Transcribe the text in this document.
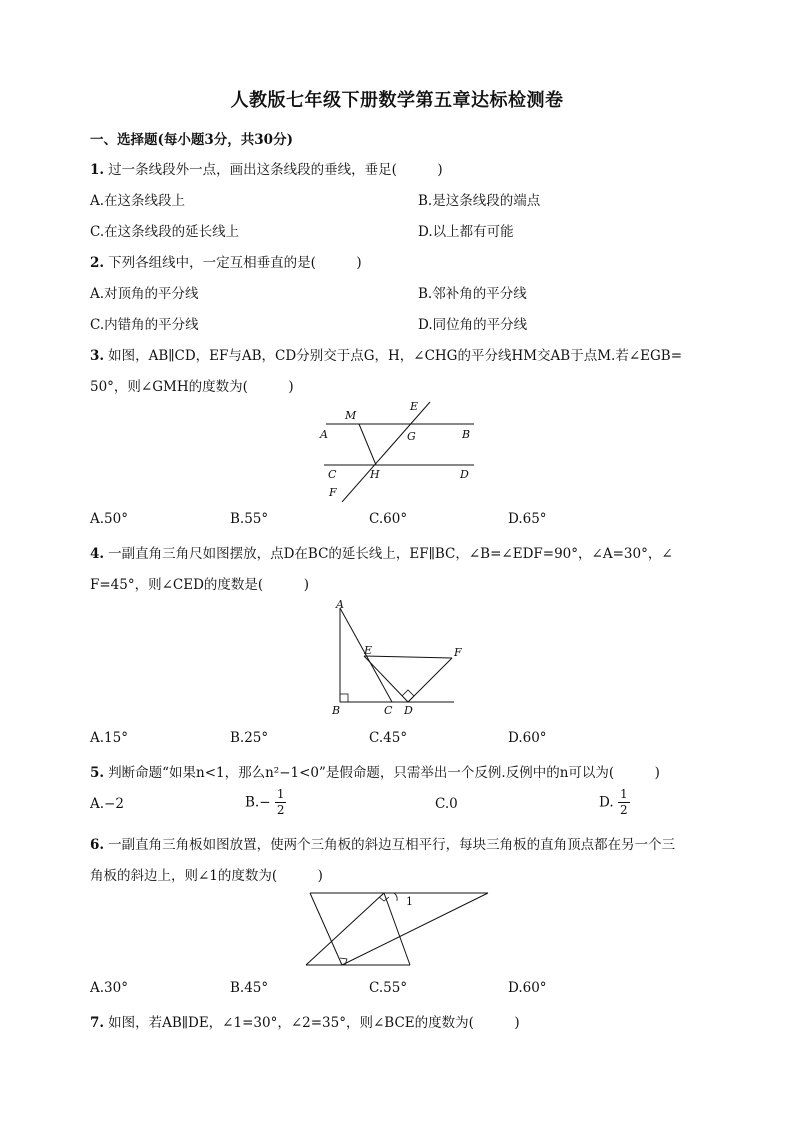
人教版七年级下册数学第五章达标检测卷
一、选择题(每小题3分，共30分)
1. 过一条线段外一点，画出这条线段的垂线，垂足(　　　)
A.在这条线段上	B.是这条线段的端点
C.在这条线段的延长线上	D.以上都有可能
2. 下列各组线中，一定互相垂直的是(　　　)
A.对顶角的平分线	B.邻补角的平分线
C.内错角的平分线	D.同位角的平分线
3. 如图，AB∥CD，EF与AB，CD分别交于点G，H，∠CHG的平分线HM交AB于点M.若∠EGB=
50°，则∠GMH的度数为(　　　)
M
E
A	G	B
C	H	D
F
A.50°	B.55°	C.60°	D.65°
4. 一副直角三角尺如图摆放，点D在BC的延长线上，EF∥BC，∠B=∠EDF=90°，∠A=30°，∠
F=45°，则∠CED的度数是(　　　)
A
E	F
B	C D
A.15°	B.25°	C.45°	D.60°
5. 判断命题“如果n<1，那么n²−1<0”是假命题，只需举出一个反例.反例中的n可以为(　　　)
A.−2	$B.- \frac{1}{2}$	C.0	D. $\frac{1}{2}$
6. 一副直角三角板如图放置，使两个三角板的斜边互相平行，每块三角板的直角顶点都在另一个三
角板的斜边上，则∠1的度数为(　　　)
1
A.30°	B.45°	C.55°	D.60°
7. 如图，若AB∥DE，∠1=30°，∠2=35°，则∠BCE的度数为(　　　)
